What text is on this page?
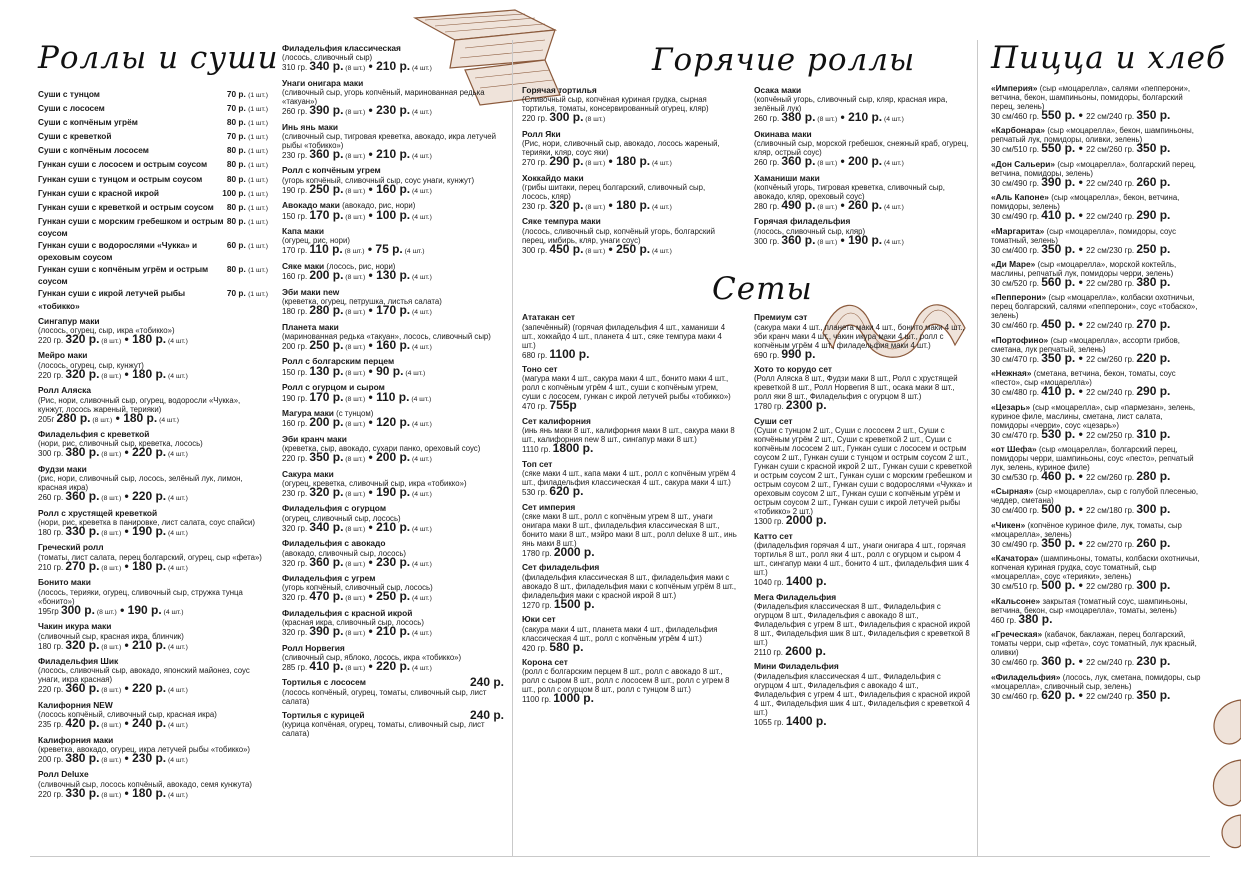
Роллы и суши
Суши с тунцом	70 р. (1 шт.)
Суши с лососем	70 р. (1 шт.)
Суши с копчёным угрём	80 р. (1 шт.)
Суши с креветкой	70 р. (1 шт.)
Суши с копчёным лососем	80 р. (1 шт.)
Гункан суши с лососем и острым соусом 80 р. (1 шт.)
Гункан суши с тунцом и острым соусом	80 р. (1 шт.)
Гункан суши с красной икрой	100 р. (1 шт.)
Гункан суши с креветкой и острым соусом 80 р. (1 шт.)
Гункан суши с морским гребешком и острым соусом
80 р. (1 шт.)
Гункан суши с водорослями «Чукка» и ореховым соусом
60 р. (1 шт.)
Гункан суши с копчёным угрём и острым соусом
80 р. (1 шт.)
Гункан суши с икрой летучей рыбы «тобикко»
70 р. (1 шт.)
Сингапур маки
(лосось, огурец, сыр, икра «тобикко»)
220 гр. 320 р. (8 шт.) • 180 р. (4 шт.)
Мейро маки
(лосось, огурец, сыр, кунжут)
220 гр. 320 р. (8 шт.) • 180 р. (4 шт.)
Ролл Аляска
(Рис, нори, сливочный сыр, огурец, водоросли «Чукка», кунжут, лосось жареный, терияки)
205г 280 р. (8 шт.) • 180 р. (4 шт.)
Филадельфия с креветкой
(нори, рис, сливочный сыр, креветка, лосось)
300 гр. 380 р. (8 шт.) • 220 р. (4 шт.)
Фудзи маки
(рис, нори, сливочный сыр, лосось, зелёный лук, лимон, красная икра)
260 гр. 360 р. (8 шт.) • 220 р. (4 шт.)
Ролл с хрустящей креветкой
(нори, рис, креветка в панировке, лист салата, соус спайси)
180 гр. 330 р. (8 шт.) • 190 р. (4 шт.)
Греческий ролл
(томаты, лист салата, перец болгарский, огурец, сыр «фета»)
210 гр. 270 р. (8 шт.) • 180 р. (4 шт.)
Бонито маки
(лосось, терияки, огурец, сливочный сыр, стружка тунца «бонито»)
195гр 300 р. (8 шт.) • 190 р. (4 шт.)
Чакин икура маки
(сливочный сыр, красная икра, блинчик)
180 гр. 320 р. (8 шт.) • 210 р. (4 шт.)
Филадельфия Шик
(лосось, сливочный сыр, авокадо, японский майонез, соус унаги, икра красная)
220 гр. 360 р. (8 шт.) • 220 р. (4 шт.)
Калифорния NEW
(лосось копчёный, сливочный сыр, красная икра)
235 гр. 420 р. (8 шт.) • 240 р. (4 шт.)
Калифорния маки
(креветка, авокадо, огурец, икра летучей рыбы «тобикко»)
200 гр. 380 р. (8 шт.) • 230 р. (4 шт.)
Ролл Deluxe
(сливочный сыр, лосось копчёный, авокадо, семя кунжута)
220 гр. 330 р. (8 шт.) • 180 р. (4 шт.)
Филадельфия классическая
(лосось, сливочный сыр)
310 гр. 340 р. (8 шт.) • 210 р. (4 шт.)
Унаги онигара маки
(сливочный сыр, угорь копчёный, маринованная редька «такуан»)
260 гр. 390 р. (8 шт.) • 230 р. (4 шт.)
Инь янь маки
(сливочный сыр, тигровая креветка, авокадо, икра летучей рыбы «тобикко»)
230 гр. 360 р. (8 шт.) • 210 р. (4 шт.)
Ролл с копчёным угрем
(угорь копчёный, сливочный сыр, соус унаги, кунжут)
190 гр. 250 р. (8 шт.) • 160 р. (4 шт.)
Авокадо маки (авокадо, рис, нори)
150 гр. 170 р. (8 шт.) • 100 р. (4 шт.)
Капа маки
(огурец, рис, нори)
170 гр. 110 р. (8 шт.) • 75 р. (4 шт.)
Сяке маки (лосось, рис, нори)
160 гр. 200 р. (8 шт.) • 130 р. (4 шт.)
Эби маки new
(креветка, огурец, петрушка, листья салата)
180 гр. 280 р. (8 шт.) • 170 р. (4 шт.)
Планета маки
(маринованная редька «такуан», лосось, сливочный сыр)
200 гр. 250 р. (8 шт.) • 160 р. (4 шт.)
Ролл с болгарским перцем
150 гр. 130 р. (8 шт.) • 90 р. (4 шт.)
Ролл с огурцом и сыром
190 гр. 170 р. (8 шт.) • 110 р. (4 шт.)
Магура маки (с тунцом)
160 гр. 200 р. (8 шт.) • 120 р. (4 шт.)
Эби кранч маки
(креветка, сыр, авокадо, сухари панко, ореховый соус)
220 гр. 350 р. (8 шт.) • 200 р. (4 шт.)
Сакура маки
(огурец, креветка, сливочный сыр, икра «тобикко»)
230 гр. 320 р. (8 шт.) • 190 р. (4 шт.)
Филадельфия с огурцом
(огурец, сливочный сыр, лосось)
320 гр. 340 р. (8 шт.) • 210 р. (4 шт.)
Филадельфия с авокадо
(авокадо, сливочный сыр, лосось)
320 гр. 360 р. (8 шт.) • 230 р. (4 шт.)
Филадельфия с угрем
(угорь копчёный, сливочный сыр, лосось)
320 гр. 470 р. (8 шт.) • 250 р. (4 шт.)
Филадельфия с красной икрой
(красная икра, сливочный сыр, лосось)
320 гр. 390 р. (8 шт.) • 210 р. (4 шт.)
Ролл Норвегия
(сливочный сыр, яблоко, лосось, икра «тобикко»)
285 гр. 410 р. (8 шт.) • 220 р. (4 шт.)
Тортилья с лососем	240 р.
(лосось копчёный, огурец, томаты, сливочный сыр, лист салата)
Тортилья с курицей	240 р.
(курица копчёная, огурец, томаты, сливочный сыр, лист салата)
Горячие роллы
Горячая тортилья
(Сливочный сыр, копчёная куриная грудка, сырная тортилья, томаты, консервированный огурец, кляр)
220 гр. 300 р. (8 шт.)
Ролл Яки
(Рис, нори, сливочный сыр, авокадо, лосось жареный, терияки, кляр, соус яки)
270 гр. 290 р. (8 шт.) • 180 р. (4 шт.)
Хоккайдо маки
(грибы шитаки, перец болгарский, сливочный сыр, лосось, кляр)
230 гр. 320 р. (8 шт.) • 180 р. (4 шт.)
Сяке темпура маки
(лосось, сливочный сыр, копчёный угорь, болгарский перец, имбирь, кляр, унаги соус)
300 гр. 450 р. (8 шт.) • 250 р. (4 шт.)
Осака маки
(копчёный угорь, сливочный сыр, кляр, красная икра, зелёный лук)
260 гр. 380 р. (8 шт.) • 210 р. (4 шт.)
Окинава маки
(сливочный сыр, морской гребешок, снежный краб, огурец, кляр, острый соус)
260 гр. 360 р. (8 шт.) • 200 р. (4 шт.)
Хаманиши маки
(копчёный угорь, тигровая креветка, сливочный сыр, авокадо, кляр, ореховый соус)
280 гр. 490 р. (8 шт.) • 260 р. (4 шт.)
Горячая филадельфия
(лосось, сливочный сыр, кляр)
300 гр. 360 р. (8 шт.) • 190 р. (4 шт.)
Сеты
Ататакан сет
(запечённый) (горячая филадельфия 4 шт., хаманиши 4 шт., хоккайдо 4 шт., планета 4 шт., сяке темпура маки 4 шт.)
680 гр. 1100 р.
Тоно сет
(магура маки 4 шт., сакура маки 4 шт., бонито маки 4 шт., ролл с копчёным угрём 4 шт., суши с копчёным угрем, суши с лососем, гункан с икрой летучей рыбы «тобикко»)
470 гр. 755р
Сет калифорния
(инь янь маки 8 шт., калифорния маки 8 шт., сакура маки 8 шт., калифорния new 8 шт., сингапур маки 8 шт.)
1110 гр. 1800 р.
Топ сет
(сяке маки 4 шт., капа маки 4 шт., ролл с копчёным угрём 4 шт., филадельфия классическая 4 шт., сакура маки 4 шт.)
530 гр. 620 р.
Сет империя
(сяке маки 8 шт., ролл с копчёным угрем 8 шт., унаги онигара маки 8 шт., филадельфия классическая 8 шт., бонито маки 8 шт., мэйро маки 8 шт., ролл deluxe 8 шт., инь янь маки 8 шт.)
1780 гр. 2000 р.
Сет филадельфия
(филадельфия классическая 8 шт., филадельфия маки с авокадо 8 шт., филадельфия маки с копчёным угрём 8 шт., филадельфия маки с красной икрой 8 шт.)
1270 гр. 1500 р.
Юки сет
(сакура маки 4 шт., планета маки 4 шт., филадельфия классическая 4 шт., ролл с копчёным угрём 4 шт.)
420 гр. 580 р.
Корона сет
(ролл с болгарским перцем 8 шт., ролл с авокадо 8 шт., ролл с сыром 8 шт., ролл с лососем 8 шт., ролл с угрем 8 шт., ролл с огурцом 8 шт., ролл с тунцом 8 шт.)
1100 гр. 1000 р.
Премиум сэт
(сакура маки 4 шт., планета маки 4 шт., бонито маки 4 шт., эби кранч маки 4 шт., чакин икура маки 4 шт., ролл с копчёным угрём 4 шт., филадельфия маки 4 шт.)
690 гр. 990 р.
Хото то корудо сет
(Ролл Аляска 8 шт., Фудзи маки 8 шт., Ролл с хрустящей креветкой 8 шт., Ролл Норвегия 8 шт., осака маки 8 шт., ролл яки 8 шт., Филадельфия с огурцом 8 шт.)
1780 гр. 2300 р.
Суши сет
(Суши с тунцом 2 шт., Суши с лососем 2 шт., Суши с копчёным угрём 2 шт., Суши с креветкой 2 шт., Суши с копчёным лососем 2 шт., Гункан суши с лососем и острым соусом 2 шт., Гункан суши с тунцом и острым соусом 2 шт., Гункан суши с красной икрой 2 шт., Гункан суши с креветкой и острым соусом 2 шт., Гункан суши с морским гребешком и острым соусом 2 шт., Гункан суши с водорослями «Чукка» и ореховым соусом 2 шт., Гункан суши с копчёным угрём и острым соусом 2 шт., Гункан суши с икрой летучей рыбы «тобикко» 2 шт.)
1300 гр. 2000 р.
Катто сет
(филадельфия горячая 4 шт., унаги онигара 4 шт., горячая тортилья 8 шт., ролл яки 4 шт., ролл с огурцом и сыром 4 шт., сингапур маки 4 шт., бонито 4 шт., филадельфия шик 4 шт.)
1040 гр. 1400 р.
Мега Филадельфия
(Филадельфия классическая 8 шт., Филадельфия с огурцом 8 шт., Филадельфия с авокадо 8 шт., Филадельфия с угрем 8 шт., Филадельфия с красной икрой 8 шт., Филадельфия шик 8 шт., Филадельфия с креветкой 8 шт.)
2110 гр. 2600 р.
Мини Филадельфия
(Филадельфия классическая 4 шт., Филадельфия с огурцом 4 шт., Филадельфия с авокадо 4 шт., Филадельфия с угрем 4 шт., Филадельфия с красной икрой 4 шт., Филадельфия шик 4 шт., Филадельфия с креветкой 4 шт.)
1055 гр. 1400 р.
Пицца и хлеб
«Империя» (сыр «моцарелла», салями «пепперони», ветчина, бекон, шампиньоны, помидоры, болгарский перец, зелень)
30 см/460 гр. 550 р. • 22 см/240 гр. 350 р.
«Карбонара» (сыр «моцарелла», бекон, шампиньоны, репчатый лук, помидоры, оливки, зелень)
30 см/510 гр. 550 р. • 22 см/260 гр. 350 р.
«Дон Сальери» (сыр «моцарелла», болгарский перец, ветчина, помидоры, зелень)
30 см/490 гр. 390 р. • 22 см/240 гр. 260 р.
«Аль Капоне» (сыр «моцарелла», бекон, ветчина, помидоры, зелень)
30 см/490 гр. 410 р. • 22 см/240 гр. 290 р.
«Маргарита» (сыр «моцарелла», помидоры, соус томатный, зелень)
30 см/400 гр. 350 р. • 22 см/230 гр. 250 р.
«Ди Маре» (сыр «моцарелла», морской коктейль, маслины, репчатый лук, помидоры черри, зелень)
30 см/520 гр. 560 р. • 22 см/280 гр. 380 р.
«Пепперони» (сыр «моцарелла», колбаски охотничьи, перец болгарский, салями «пепперони», соус «тобаско», зелень)
30 см/460 гр. 450 р. • 22 см/240 гр. 270 р.
«Портофино» (сыр «моцарелла», ассорти грибов, сметана, лук репчатый, зелень)
30 см/470 гр. 350 р. • 22 см/260 гр. 220 р.
«Нежная» (сметана, ветчина, бекон, томаты, соус «песто», сыр «моцарелла»)
30 см/480 гр. 410 р. • 22 см/240 гр. 290 р.
«Цезарь» (сыр «моцарелла», сыр «пармезан», зелень, куриное филе, маслины, сметана, лист салата, помидоры «черри», соус «цезарь»)
30 см/470 гр. 530 р. • 22 см/250 гр. 310 р.
«от Шефа» (сыр «моцарелла», болгарский перец, помидоры черри, шампиньоны, соус «песто», репчатый лук, зелень, куриное филе)
30 см/530 гр. 460 р. • 22 см/260 гр. 280 р.
«Сырная» (сыр «моцарелла», сыр с голубой плесенью, чеддер, сметана)
30 см/400 гр. 500 р. • 22 см/180 гр. 300 р.
«Чикен» (копчёное куриное филе, лук, томаты, сыр «моцарелла», зелень)
30 см/490 гр. 350 р. • 22 см/270 гр. 260 р.
«Качатора» (шампиньоны, томаты, колбаски охотничьи, копченая куриная грудка, соус томатный, сыр «моцарелла», соус «терияки», зелень)
30 см/510 гр. 500 р. • 22 см/280 гр. 300 р.
«Кальсоне» закрытая (томатный соус, шампиньоны, ветчина, бекон, сыр «моцарелла», томаты, зелень)
460 гр. 380 р.
«Греческая» (кабачок, баклажан, перец болгарский, томаты черри, сыр «фета», соус томатный, лук красный, оливки)
30 см/460 гр. 360 р. • 22 см/240 гр. 230 р.
«Филадельфия» (лосось, лук, сметана, помидоры, сыр «моцарелла», сливочный сыр, зелень)
30 см/460 гр. 620 р. • 22 см/240 гр. 350 р.
